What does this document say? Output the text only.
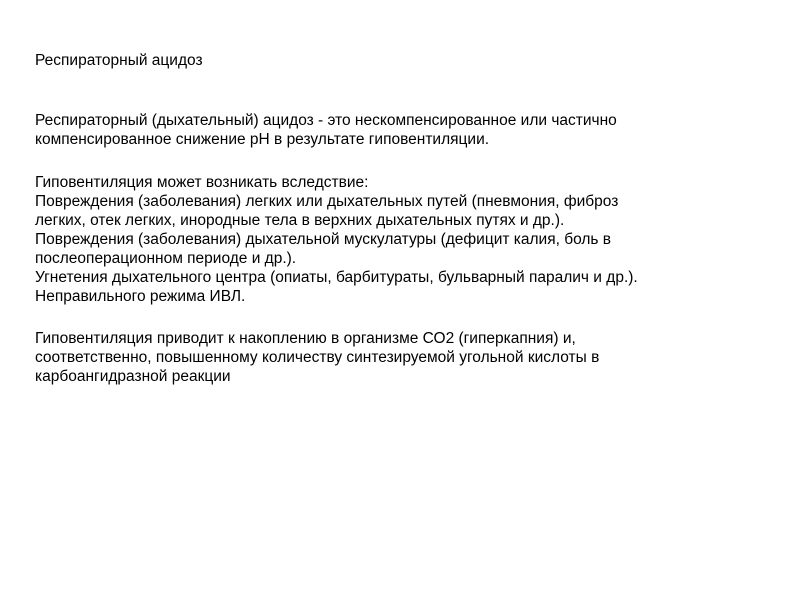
Респираторный ацидоз
Респираторный (дыхательный) ацидоз - это нескомпенсированное или частично
компенсированное снижение рН в результате гиповентиляции.
Гиповентиляция может возникать вследствие:
Повреждения (заболевания) легких или дыхательных путей (пневмония, фиброз
легких, отек легких, инородные тела в верхних дыхательных путях и др.).
Повреждения (заболевания) дыхательной мускулатуры (дефицит калия, боль в
послеоперационном периоде и др.).
Угнетения дыхательного центра (опиаты, барбитураты, бульварный паралич и др.).
Неправильного режима ИВЛ.
Гиповентиляция приводит к накоплению в организме СО2 (гиперкапния) и,
соответственно, повышенному количеству синтезируемой угольной кислоты в
карбоангидразной реакции
